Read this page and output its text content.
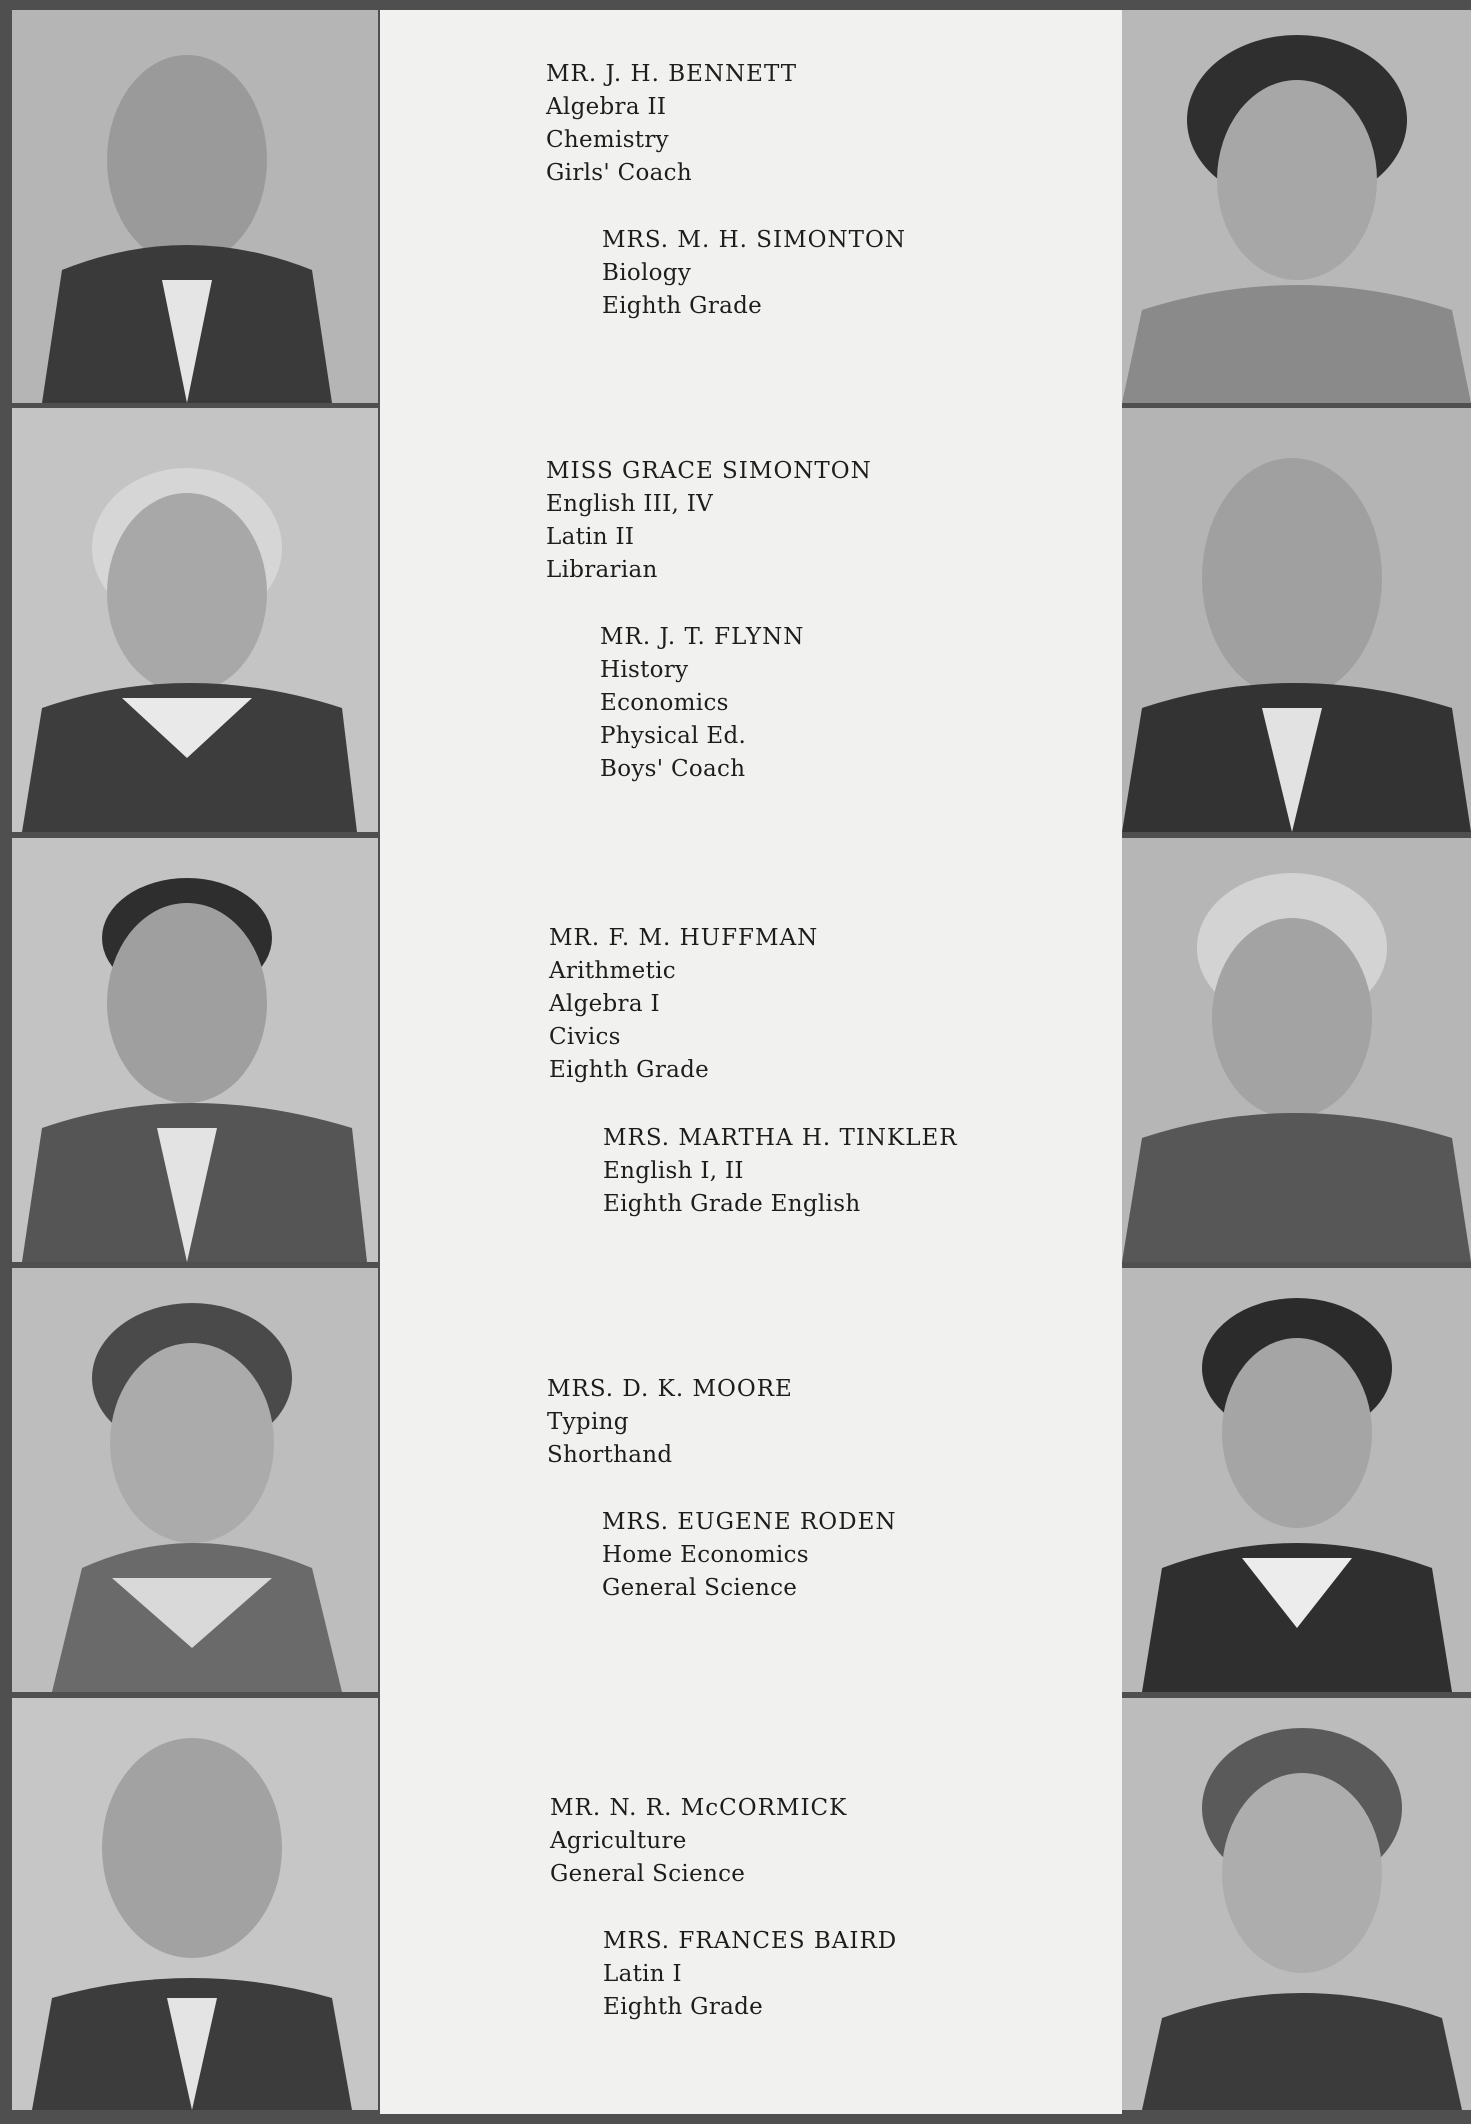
MR. J. H. BENNETT
Algebra II
Chemistry
Girls' Coach
MRS. M. H. SIMONTON
Biology
Eighth Grade
MISS GRACE SIMONTON
English III, IV
Latin II
Librarian
MR. J. T. FLYNN
History
Economics
Physical Ed.
Boys' Coach
MR. F. M. HUFFMAN
Arithmetic
Algebra I
Civics
Eighth Grade
MRS. MARTHA H. TINKLER
English I, II
Eighth Grade English
MRS. D. K. MOORE
Typing
Shorthand
MRS. EUGENE RODEN
Home Economics
General Science
MR. N. R. McCORMICK
Agriculture
General Science
MRS. FRANCES BAIRD
Latin I
Eighth Grade
